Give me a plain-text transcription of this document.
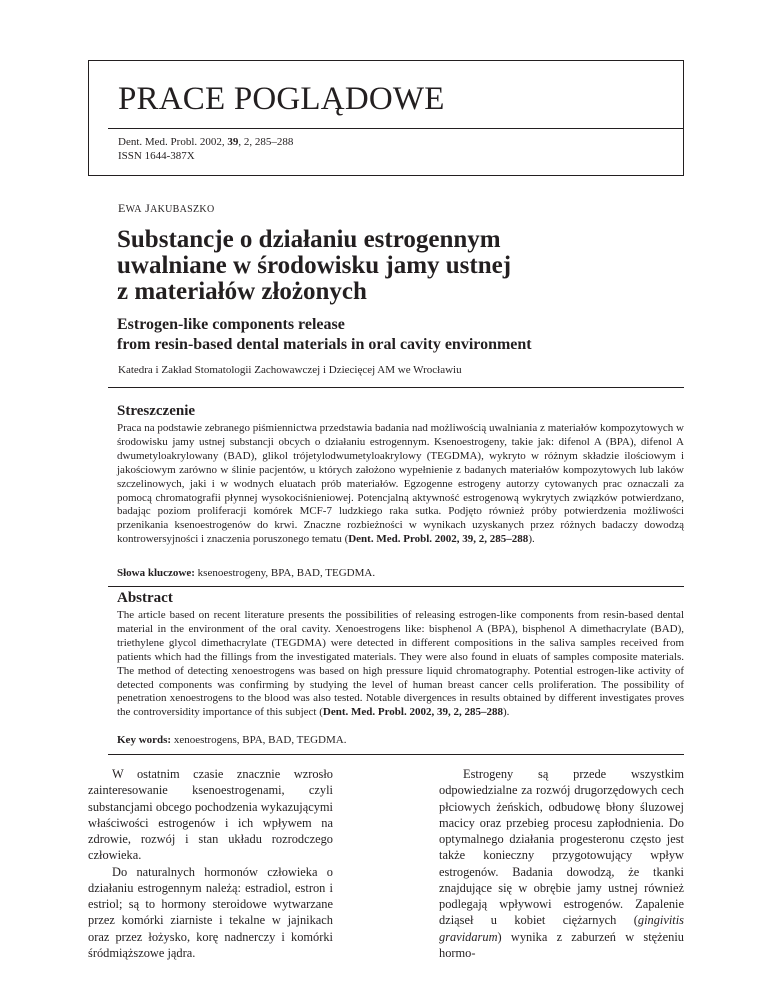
PRACE POGLĄDOWE
Dent. Med. Probl. 2002, 39, 2, 285–288
ISSN 1644-387X
EWA JAKUBASZKO
Substancje o działaniu estrogennym
uwalniane w środowisku jamy ustnej
z materiałów złożonych
Estrogen-like components release
from resin-based dental materials in oral cavity environment
Katedra i Zakład Stomatologii Zachowawczej i Dziecięcej AM we Wrocławiu
Streszczenie
Praca na podstawie zebranego piśmiennictwa przedstawia badania nad możliwością uwalniania z materiałów kompozytowych w środowisku jamy ustnej substancji obcych o działaniu estrogennym. Ksenoestrogeny, takie jak: difenol A (BPA), difenol A dwumetyloakrylowany (BAD), glikol trójetylodwumetyloakrylowy (TEGDMA), wykryto w różnym składzie ilościowym i jakościowym zarówno w ślinie pacjentów, u których założono wypełnienie z badanych materiałów kompozytowych lub laków szczelinowych, jaki i w wodnych eluatach prób materiałów. Egzogenne estrogeny autorzy cytowanych prac oznaczali za pomocą chromatografii płynnej wysokociśnieniowej. Potencjalną aktywność estrogenową wykrytych związków potwierdzano, badając poziom proliferacji komórek MCF-7 ludzkiego raka sutka. Podjęto również próby potwierdzenia możliwości przenikania ksenoestrogenów do krwi. Znaczne rozbieżności w wynikach uzyskanych przez różnych badaczy dowodzą kontrowersyjności i znaczenia poruszonego tematu (Dent. Med. Probl. 2002, 39, 2, 285–288).
Słowa kluczowe: ksenoestrogeny, BPA, BAD, TEGDMA.
Abstract
The article based on recent literature presents the possibilities of releasing estrogen-like components from resin-based dental material in the environment of the oral cavity. Xenoestrogens like: bisphenol A (BPA), bisphenol A dimethacrylate (BAD), triethylene glycol dimethacrylate (TEGDMA) were detected in different compositions in the saliva samples received from patients which had the fillings from the investigated materials. They were also found in eluats of samples composite materials. The method of detecting xenoestrogens was based on high pressure liquid chromatography. Potential estrogen-like activity of detected components was confirming by studying the level of human breast cancer cells proliferation. The possibility of penetration xenoestrogens to the blood was also tested. Notable divergences in results obtained by different investigates proves the controversidity importance of this subject (Dent. Med. Probl. 2002, 39, 2, 285–288).
Key words: xenoestrogens, BPA, BAD, TEGDMA.

W ostatnim czasie znacznie wzrosło zainteresowanie ksenoestrogenami, czyli substancjami obcego pochodzenia wykazującymi właściwości estrogenów i ich wpływem na zdrowie, rozwój i stan układu rozrodczego człowieka.

Do naturalnych hormonów człowieka o działaniu estrogennym należą: estradiol, estron i estriol; są to hormony steroidowe wytwarzane przez komórki ziarniste i tekalne w jajnikach oraz przez łożysko, korę nadnerczy i komórki śródmiąższowe jądra.

Estrogeny są przede wszystkim odpowiedzialne za rozwój drugorzędowych cech płciowych żeńskich, odbudowę błony śluzowej macicy oraz przebieg procesu zapłodnienia. Do optymalnego działania progesteronu często jest także konieczny przygotowujący wpływ estrogenów. Badania dowodzą, że tkanki znajdujące się w obrębie jamy ustnej również podlegają wpływowi estrogenów. Zapalenie dziąseł u kobiet ciężarnych (gingivitis gravidarum) wynika z zaburzeń w stężeniu hormo-
